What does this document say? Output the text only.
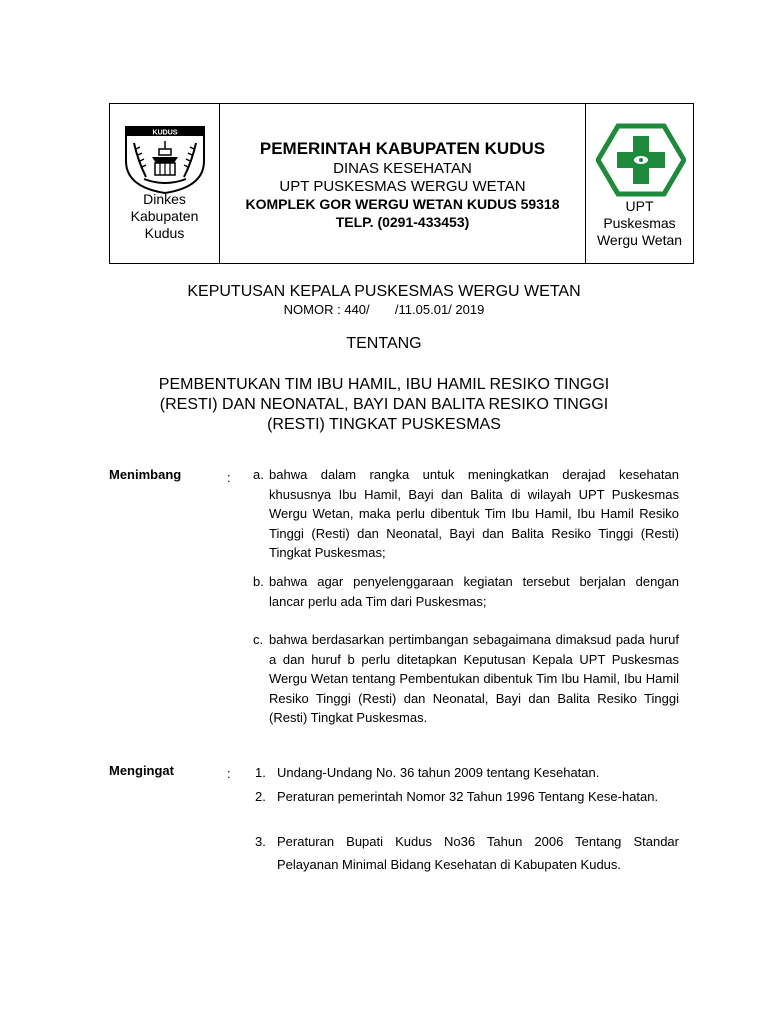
KUDUS
Dinkes
Kabupaten
Kudus
PEMERINTAH KABUPATEN KUDUS
DINAS KESEHATAN
UPT PUSKESMAS WERGU WETAN
KOMPLEK GOR WERGU WETAN KUDUS 59318
TELP. (0291-433453)
UPT
Puskesmas
Wergu Wetan
KEPUTUSAN KEPALA PUSKESMAS WERGU WETAN
NOMOR : 440/       /11.05.01/ 2019
TENTANG
PEMBENTUKAN TIM IBU HAMIL, IBU HAMIL RESIKO TINGGI
(RESTI) DAN NEONATAL, BAYI DAN BALITA RESIKO TINGGI
(RESTI) TINGKAT PUSKESMAS
Menimbang	: a. bahwa dalam rangka untuk meningkatkan derajad kesehatan khususnya Ibu Hamil, Bayi dan Balita di wilayah UPT Puskesmas Wergu Wetan, maka perlu dibentuk Tim Ibu Hamil, Ibu Hamil Resiko Tinggi (Resti) dan Neonatal, Bayi dan Balita Resiko Tinggi (Resti) Tingkat Puskesmas;
b. bahwa agar penyelenggaraan kegiatan tersebut berjalan dengan lancar perlu ada Tim dari Puskesmas;
c. bahwa berdasarkan pertimbangan sebagaimana dimaksud pada huruf a dan huruf b perlu ditetapkan Keputusan Kepala UPT Puskesmas Wergu Wetan tentang Pembentukan dibentuk Tim Ibu Hamil, Ibu Hamil Resiko Tinggi (Resti) dan Neonatal, Bayi dan Balita Resiko Tinggi (Resti) Tingkat Puskesmas.
Mengingat	: 1. Undang-Undang No. 36 tahun 2009 tentang Kesehatan.
2. Peraturan pemerintah Nomor 32 Tahun 1996 Tentang Kese-hatan.
3. Peraturan Bupati Kudus No36 Tahun 2006 Tentang Standar Pelayanan Minimal Bidang Kesehatan di Kabupaten Kudus.
